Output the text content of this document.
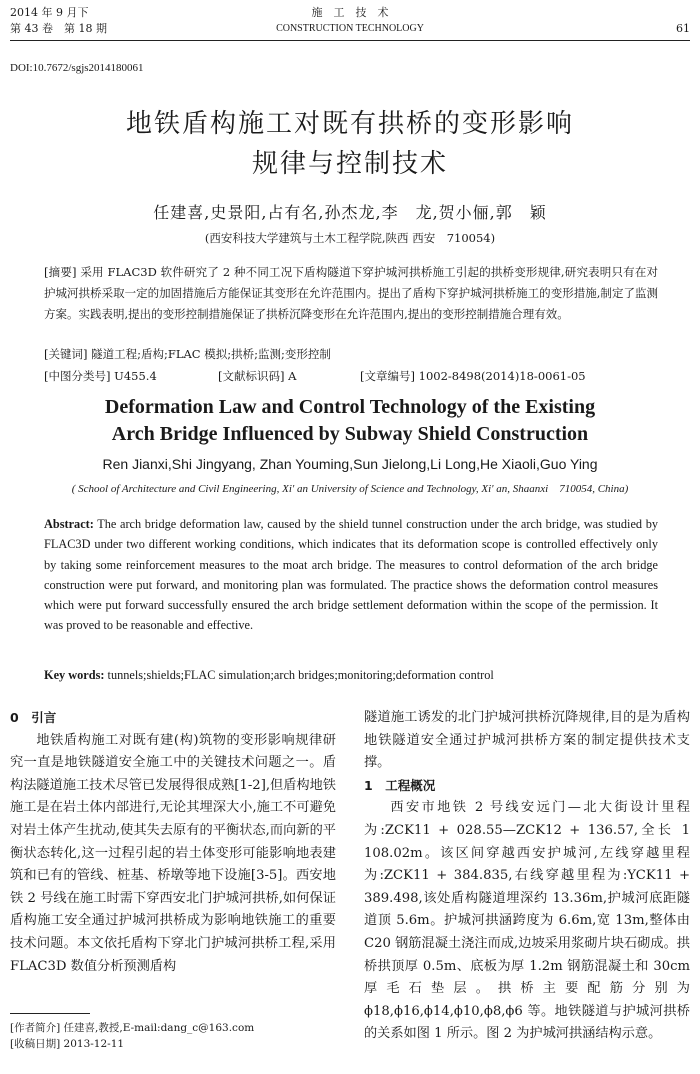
2014 年 9 月下
第 43 卷　第 18 期
施　工　技　术
CONSTRUCTION TECHNOLOGY	61
DOI:10.7672/sgjs2014180061
地铁盾构施工对既有拱桥的变形影响
规律与控制技术
任建喜,史景阳,占有名,孙杰龙,李　龙,贺小俪,郭　颖
(西安科技大学建筑与土木工程学院,陕西 西安　710054)
[摘要] 采用 FLAC3D 软件研究了 2 种不同工况下盾构隧道下穿护城河拱桥施工引起的拱桥变形规律,研究表明只有在对护城河拱桥采取一定的加固措施后方能保证其变形在允许范围内。提出了盾构下穿护城河拱桥施工的变形措施,制定了监测方案。实践表明,提出的变形控制措施保证了拱桥沉降变形在允许范围内,提出的变形控制措施合理有效。
[关键词] 隧道工程;盾构;FLAC 模拟;拱桥;监测;变形控制
[中图分类号] U455.4	[文献标识码] A	[文章编号] 1002-8498(2014)18-0061-05
Deformation Law and Control Technology of the Existing
Arch Bridge Influenced by Subway Shield Construction
Ren Jianxi,Shi Jingyang, Zhan Youming,Sun Jielong,Li Long,He Xiaoli,Guo Ying
( School of Architecture and Civil Engineering, Xi' an University of Science and Technology, Xi' an, Shaanxi　710054, China)
Abstract: The arch bridge deformation law, caused by the shield tunnel construction under the arch bridge, was studied by FLAC3D under two different working conditions, which indicates that its deformation scope is controlled effectively only by taking some reinforcement measures to the moat arch bridge. The measures to control deformation of the arch bridge construction were put forward, and monitoring plan was formulated. The practice shows the deformation control measures which were put forward successfully ensured the arch bridge settlement deformation within the scope of the permission. It was proved to be reasonable and effective.
Key words: tunnels;shields;FLAC simulation;arch bridges;monitoring;deformation control
0　引言

地铁盾构施工对既有建(构)筑物的变形影响规律研究一直是地铁隧道安全施工中的关键技术问题之一。盾构法隧道施工技术尽管已发展得很成熟[1-2],但盾构地铁施工是在岩土体内部进行,无论其埋深大小,施工不可避免对岩土体产生扰动,使其失去原有的平衡状态,而向新的平衡状态转化,这一过程引起的岩土体变形可能影响地表建筑和已有的管线、桩基、桥墩等地下设施[3-5]。西安地铁 2 号线在施工时需下穿西安北门护城河拱桥,如何保证盾构施工安全通过护城河拱桥成为影响地铁施工的重要技术问题。本文依托盾构下穿北门护城河拱桥工程,采用 FLAC3D 数值分析预测盾构

[作者简介] 任建喜,教授,E-mail:dang_c@163.com
[收稿日期] 2013-12-11

隧道施工诱发的北门护城河拱桥沉降规律,目的是为盾构地铁隧道安全通过护城河拱桥方案的制定提供技术支撑。

1　工程概况

西安市地铁 2 号线安远门—北大街设计里程为:ZCK11 + 028.55—ZCK12 + 136.57,全长 1 108.02m。该区间穿越西安护城河,左线穿越里程为:ZCK11 + 384.835,右线穿越里程为:YCK11 + 389.498,该处盾构隧道埋深约 13.36m,护城河底距隧道顶 5.6m。护城河拱涵跨度为 6.6m,宽 13m,整体由 C20 钢筋混凝土浇注而成,边坡采用浆砌片块石砌成。拱桥拱顶厚 0.5m、底板为厚 1.2m 钢筋混凝土和 30cm 厚毛石垫层。拱桥主要配筋分别为 ϕ18,ϕ16,ϕ14,ϕ10,ϕ8,ϕ6 等。地铁隧道与护城河拱桥的关系如图 1 所示。图 2 为护城河拱涵结构示意。
